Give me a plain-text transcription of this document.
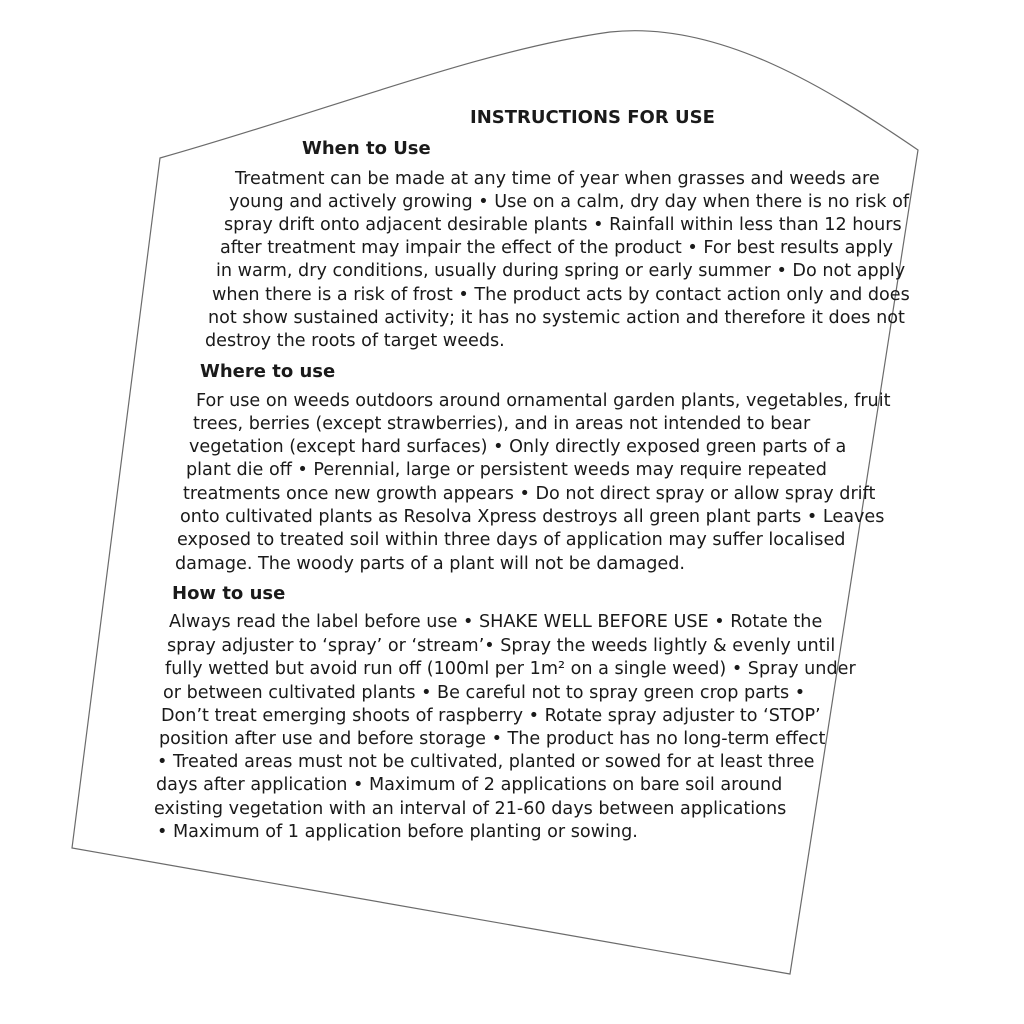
INSTRUCTIONS FOR USE
When to Use
Treatment can be made at any time of year when grasses and weeds are
young and actively growing • Use on a calm, dry day when there is no risk of
spray drift onto adjacent desirable plants • Rainfall within less than 12 hours
after treatment may impair the effect of the product • For best results apply
in warm, dry conditions, usually during spring or early summer • Do not apply
when there is a risk of frost • The product acts by contact action only and does
not show sustained activity; it has no systemic action and therefore it does not
destroy the roots of target weeds.
Where to use
For use on weeds outdoors around ornamental garden plants, vegetables, fruit
trees, berries (except strawberries), and in areas not intended to bear
vegetation (except hard surfaces) • Only directly exposed green parts of a
plant die off • Perennial, large or persistent weeds may require repeated
treatments once new growth appears • Do not direct spray or allow spray drift
onto cultivated plants as Resolva Xpress destroys all green plant parts • Leaves
exposed to treated soil within three days of application may suffer localised
damage. The woody parts of a plant will not be damaged.
How to use
Always read the label before use • SHAKE WELL BEFORE USE • Rotate the
spray adjuster to ‘spray’ or ‘stream’• Spray the weeds lightly & evenly until
fully wetted but avoid run off (100ml per 1m² on a single weed) • Spray under
or between cultivated plants • Be careful not to spray green crop parts •
Don’t treat emerging shoots of raspberry • Rotate spray adjuster to ‘STOP’
position after use and before storage • The product has no long-term effect
• Treated areas must not be cultivated, planted or sowed for at least three
days after application • Maximum of 2 applications on bare soil around
existing vegetation with an interval of 21-60 days between applications
• Maximum of 1 application before planting or sowing.
